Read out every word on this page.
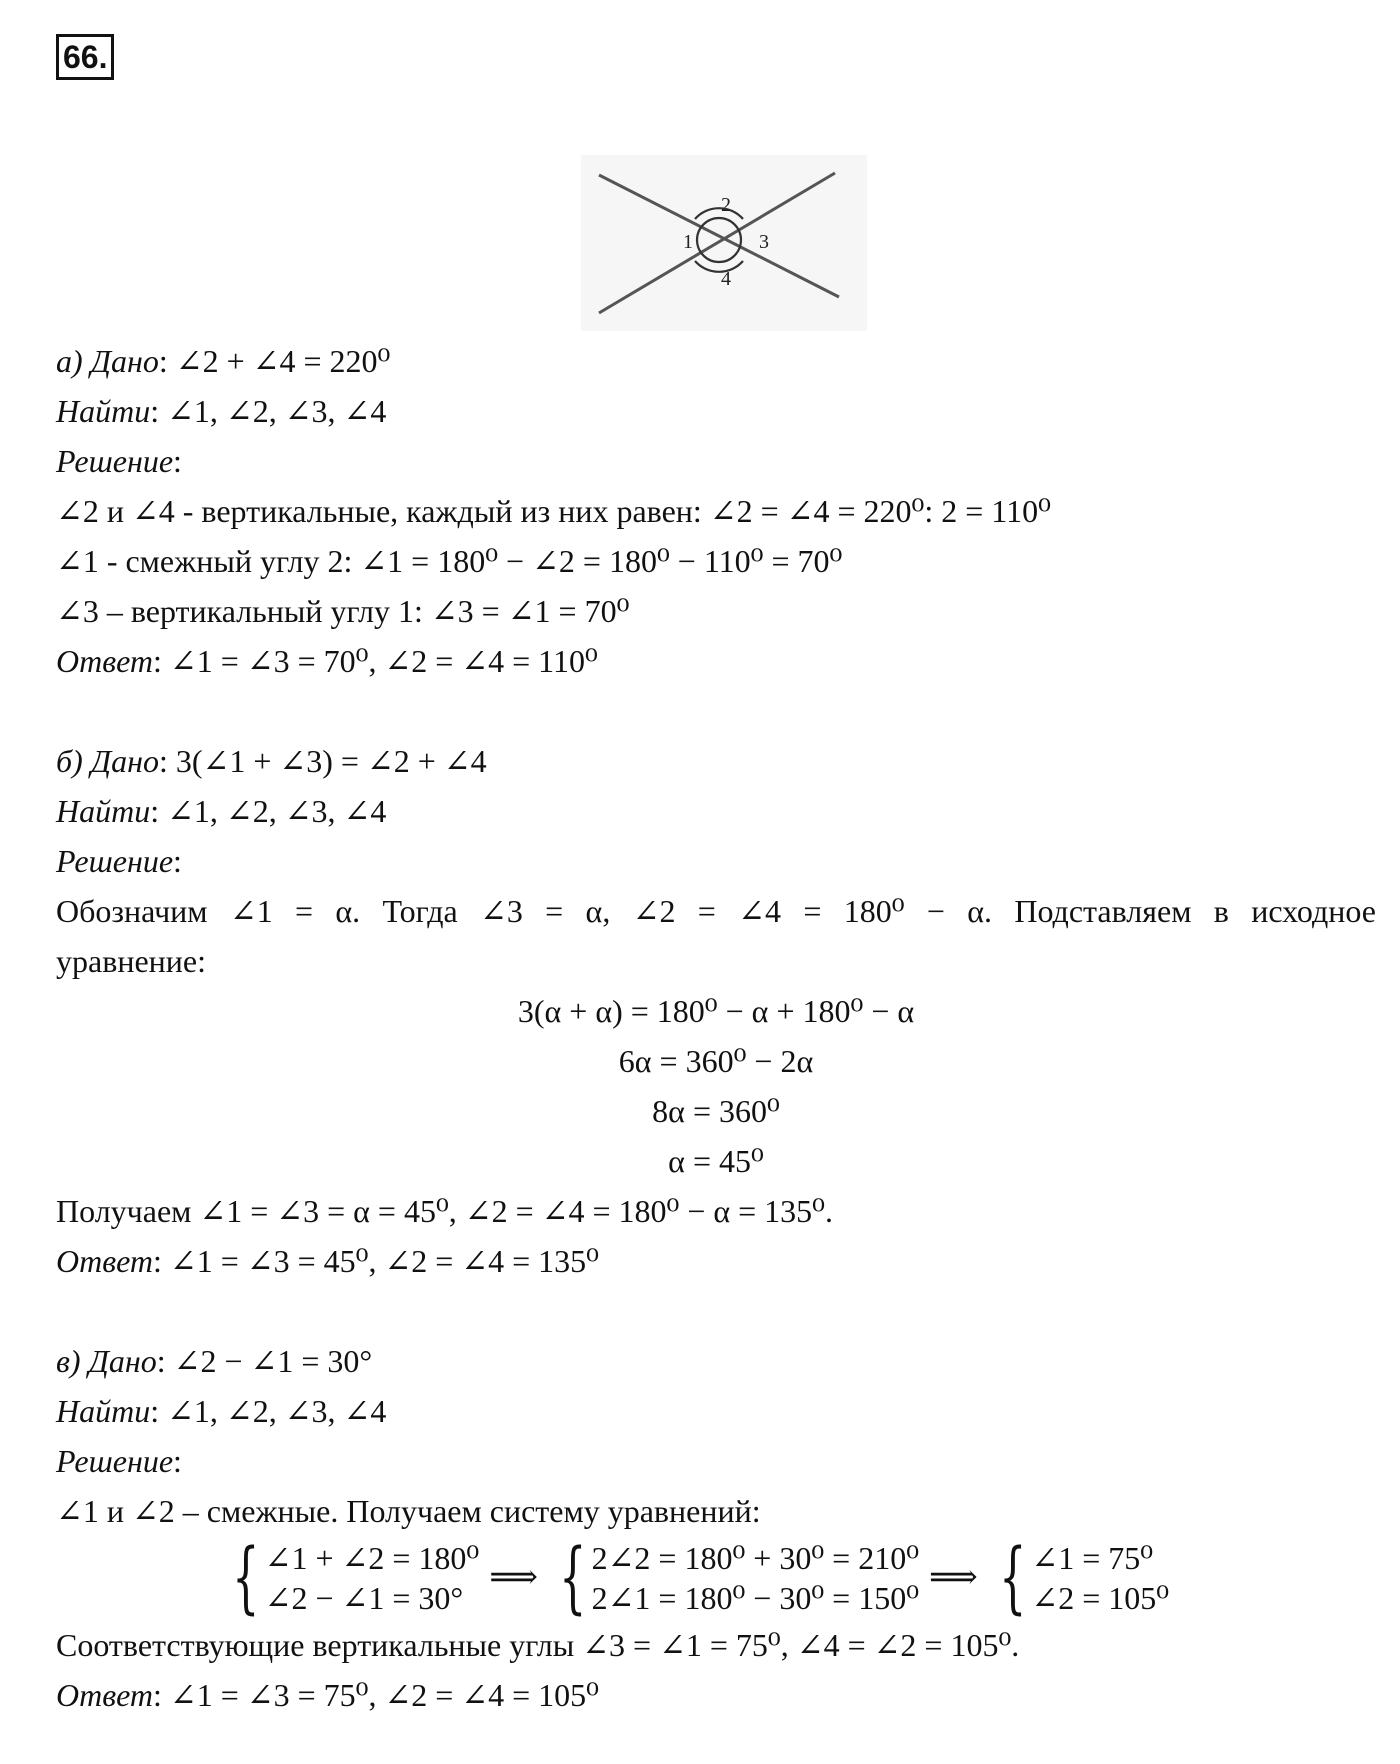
66.
1
2
3
4
а) Дано: ∠2 + ∠4 = 220⁰
Найти: ∠1, ∠2, ∠3, ∠4
Решение:
∠2 и ∠4 - вертикальные, каждый из них равен: ∠2 = ∠4 = 220⁰: 2 = 110⁰
∠1 - смежный углу 2: ∠1 = 180⁰ − ∠2 = 180⁰ − 110⁰ = 70⁰
∠3 – вертикальный углу 1: ∠3 = ∠1 = 70⁰
Ответ: ∠1 = ∠3 = 70⁰, ∠2 = ∠4 = 110⁰
б) Дано: 3(∠1 + ∠3) = ∠2 + ∠4
Найти: ∠1, ∠2, ∠3, ∠4
Решение:
Обозначим ∠1 = α. Тогда ∠3 = α, ∠2 = ∠4 = 180⁰ − α. Подставляем в исходное
уравнение:
3(α + α) = 180⁰ − α + 180⁰ − α
6α = 360⁰ − 2α
8α = 360⁰
α = 45⁰
Получаем ∠1 = ∠3 = α = 45⁰, ∠2 = ∠4 = 180⁰ − α = 135⁰.
Ответ: ∠1 = ∠3 = 45⁰, ∠2 = ∠4 = 135⁰
в) Дано: ∠2 − ∠1 = 30°
Найти: ∠1, ∠2, ∠3, ∠4
Решение:
∠1 и ∠2 – смежные. Получаем систему уравнений:
{ ∠1 + ∠2 = 180⁰
∠2 − ∠1 = 30°
⟹ { 2∠2 = 180⁰ + 30⁰ = 210⁰
2∠1 = 180⁰ − 30⁰ = 150⁰
⟹ { ∠1 = 75⁰
∠2 = 105⁰
Соответствующие вертикальные углы ∠3 = ∠1 = 75⁰, ∠4 = ∠2 = 105⁰.
Ответ: ∠1 = ∠3 = 75⁰, ∠2 = ∠4 = 105⁰
